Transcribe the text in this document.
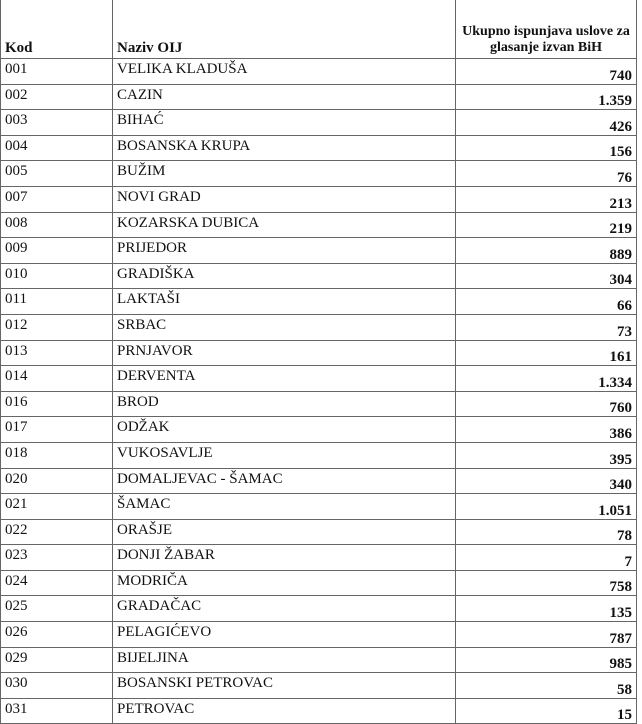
Kod	Naziv OIJ	Ukupno ispunjava uslove za glasanje izvan BiH
001	VELIKA KLADUŠA	740
002	CAZIN	1.359
003	BIHAĆ	426
004	BOSANSKA KRUPA	156
005	BUŽIM	76
007	NOVI GRAD	213
008	KOZARSKA DUBICA	219
009	PRIJEDOR	889
010	GRADIŠKA	304
011	LAKTAŠI	66
012	SRBAC	73
013	PRNJAVOR	161
014	DERVENTA	1.334
016	BROD	760
017	ODŽAK	386
018	VUKOSAVLJE	395
020	DOMALJEVAC - ŠAMAC	340
021	ŠAMAC	1.051
022	ORAŠJE	78
023	DONJI ŽABAR	7
024	MODRIČA	758
025	GRADAČAC	135
026	PELAGIĆEVO	787
029	BIJELJINA	985
030	BOSANSKI PETROVAC	58
031	PETROVAC	15
